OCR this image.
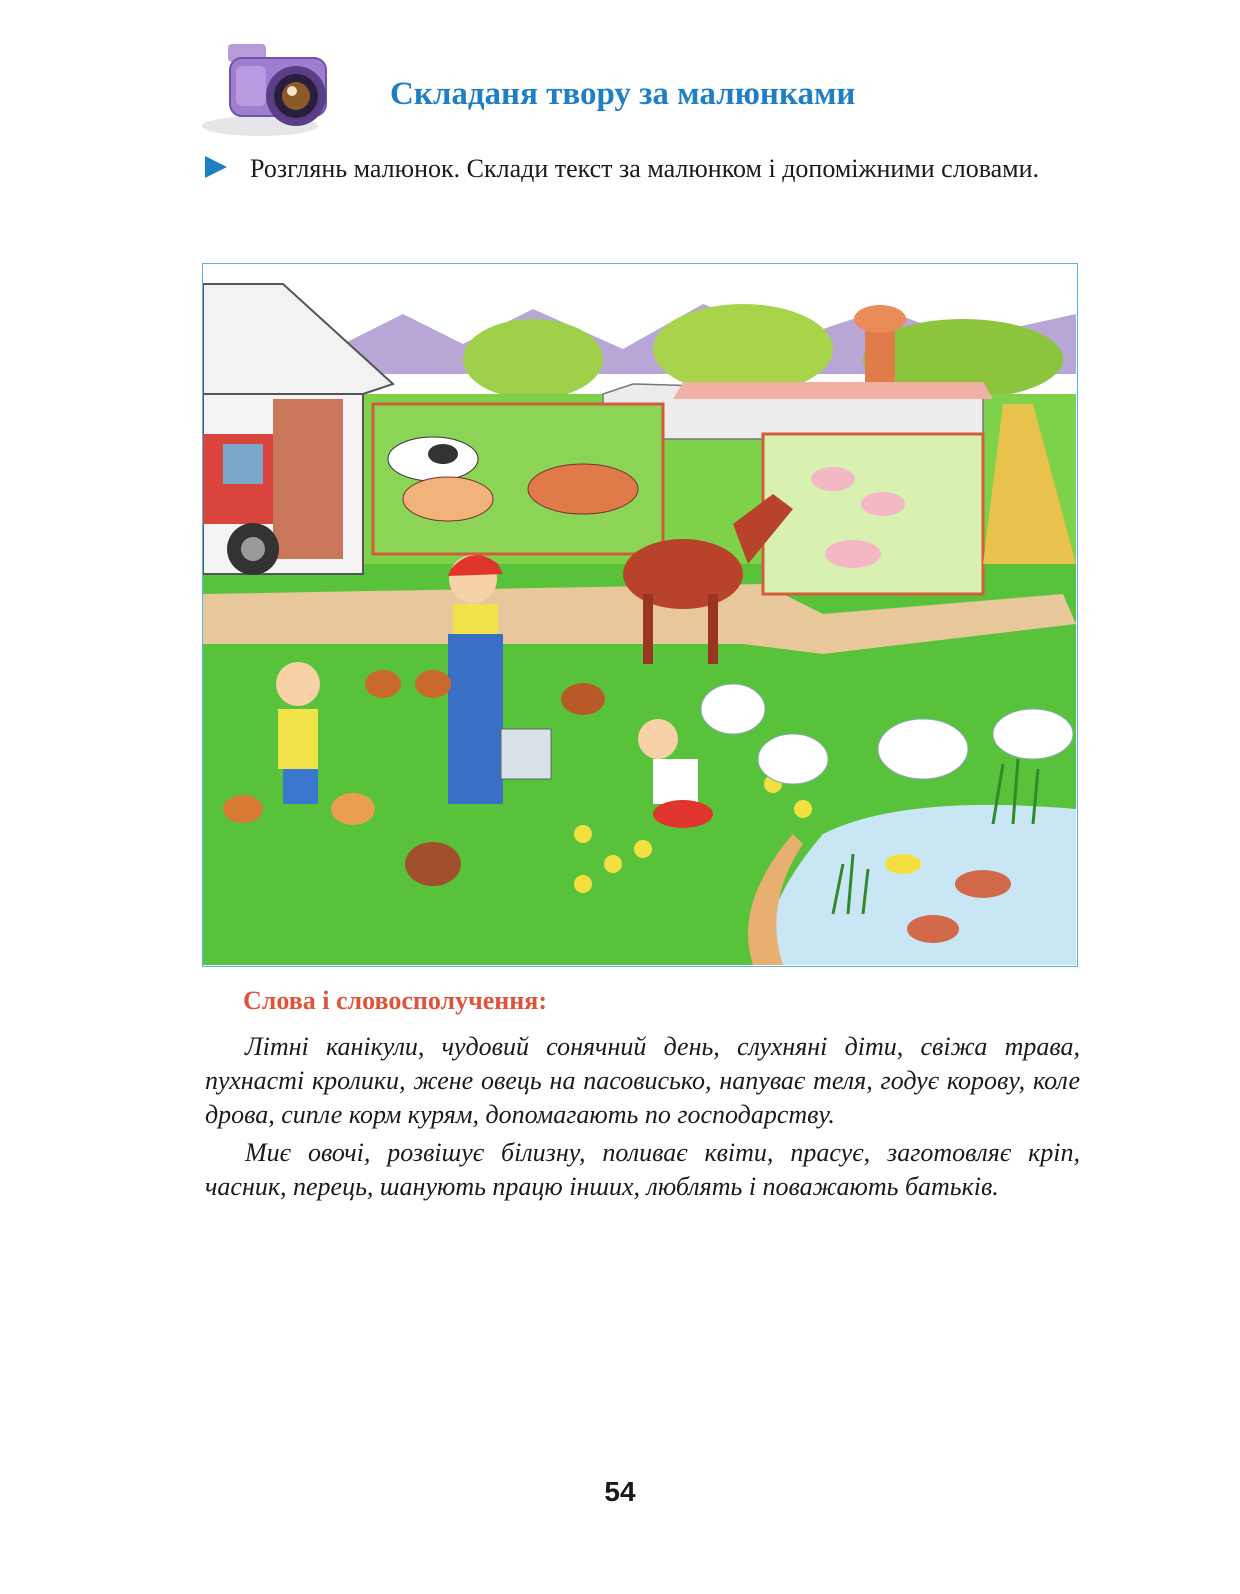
Складаня твору за малюнками
Розглянь малюнок. Склади текст за малюнком і допоміжними словами.
Слова і словосполучення:
Літні канікули, чудовий сонячний день, слухняні діти, свіжа трава, пухнасті кролики, жене овець на пасовисько, напуває теля, годує корову, коле дрова, сипле корм курям, допомагають по господарству.
Миє овочі, розвішує білизну, поливає квіти, прасує, заготовляє кріп, часник, перець, шанують працю інших, люблять і поважають батьків.
54
